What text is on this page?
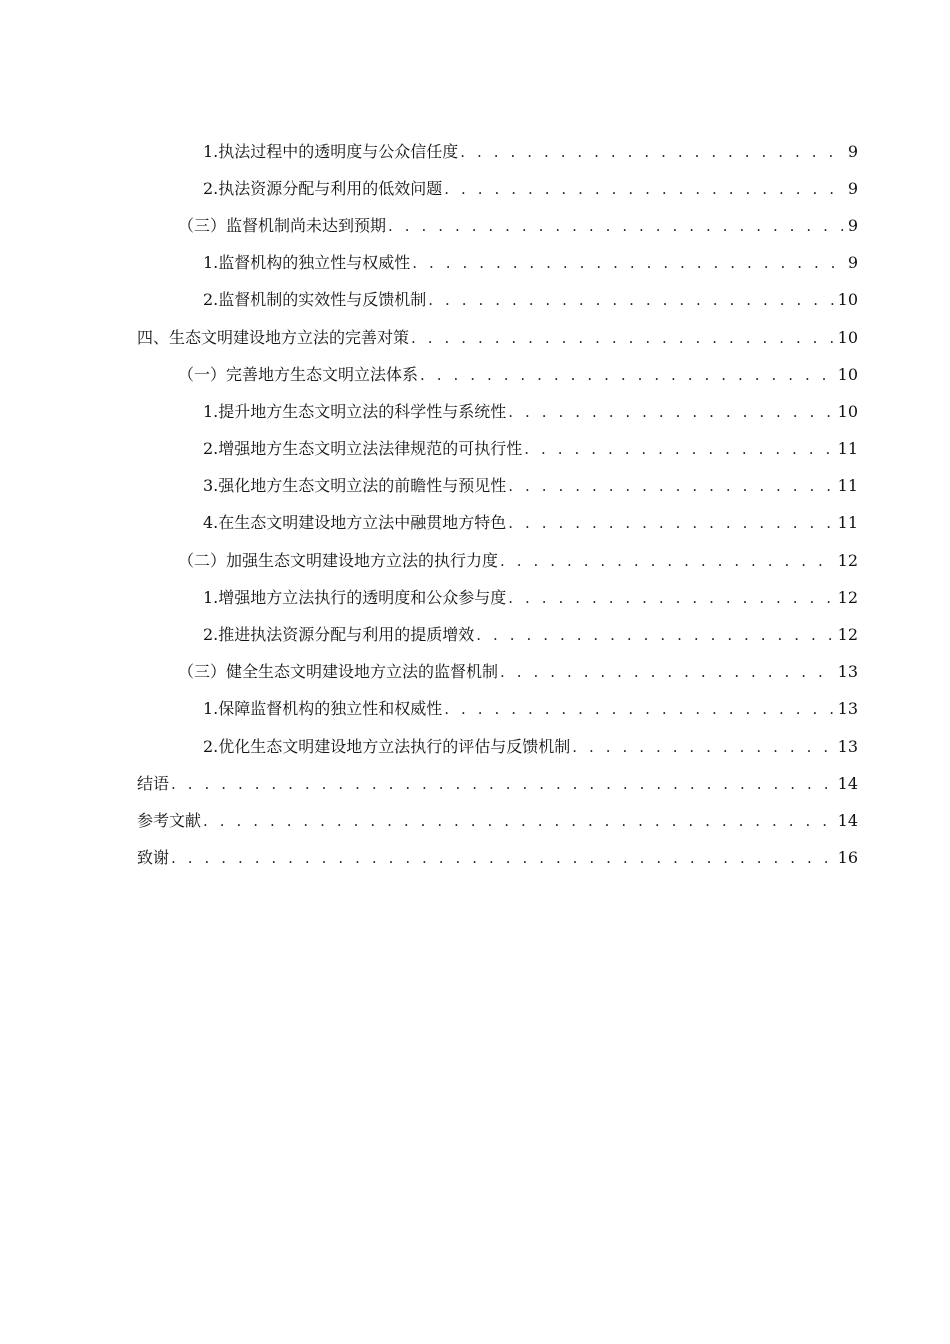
1.执法过程中的透明度与公众信任度 . . .	9
2.执法资源分配与利用的低效问题 . . .	9
（三）监督机制尚未达到预期 . . .	9
1.监督机构的独立性与权威性 . . .	9
2.监督机制的实效性与反馈机制 . . .	10
四、生态文明建设地方立法的完善对策 . . .	10
（一）完善地方生态文明立法体系 . . .	10
1.提升地方生态文明立法的科学性与系统性 . . .	10
2.增强地方生态文明立法法律规范的可执行性 . . .	11
3.强化地方生态文明立法的前瞻性与预见性 . . .	11
4.在生态文明建设地方立法中融贯地方特色 . . .	11
（二）加强生态文明建设地方立法的执行力度 . . .	12
1.增强地方立法执行的透明度和公众参与度 . . .	12
2.推进执法资源分配与利用的提质增效 . . .	12
（三）健全生态文明建设地方立法的监督机制 . . .	13
1.保障监督机构的独立性和权威性 . . .	13
2.优化生态文明建设地方立法执行的评估与反馈机制 . . .	13
结语 . . .	14
参考文献 . . .	14
致谢 . . .	16
